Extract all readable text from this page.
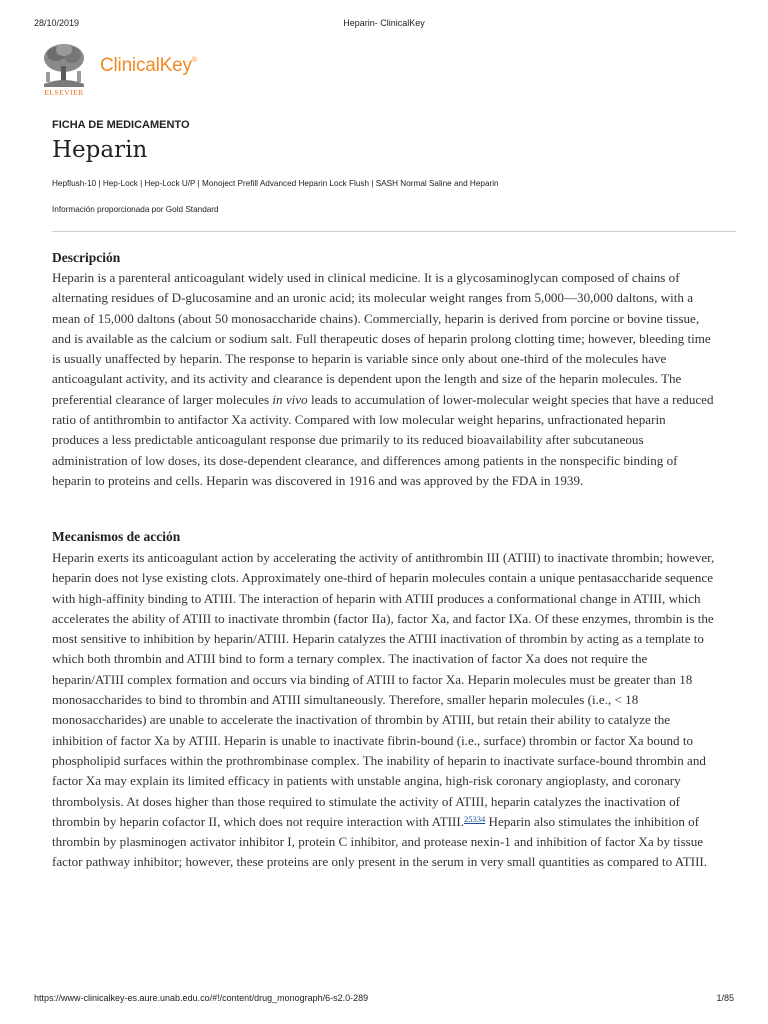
28/10/2019	Heparin- ClinicalKey
ELSEVIER
ClinicalKey®
FICHA DE MEDICAMENTO
Heparin
Hepflush-10 | Hep-Lock | Hep-Lock U/P | Monoject Prefill Advanced Heparin Lock Flush | SASH Normal Saline and Heparin
Información proporcionada por Gold Standard
Descripción

Heparin is a parenteral anticoagulant widely used in clinical medicine. It is a glycosaminoglycan composed of chains of alternating residues of D-glucosamine and an uronic acid; its molecular weight ranges from 5,000—30,000 daltons, with a mean of 15,000 daltons (about 50 monosaccharide chains). Commercially, heparin is derived from porcine or bovine tissue, and is available as the calcium or sodium salt. Full therapeutic doses of heparin prolong clotting time; however, bleeding time is usually unaffected by heparin. The response to heparin is variable since only about one-third of the molecules have anticoagulant activity, and its activity and clearance is dependent upon the length and size of the heparin molecules. The preferential clearance of larger molecules in vivo leads to accumulation of lower-molecular weight species that have a reduced ratio of antithrombin to antifactor Xa activity. Compared with low molecular weight heparins, unfractionated heparin produces a less predictable anticoagulant response due primarily to its reduced bioavailability after subcutaneous administration of low doses, its dose-dependent clearance, and differences among patients in the nonspecific binding of heparin to proteins and cells. Heparin was discovered in 1916 and was approved by the FDA in 1939.

Mecanismos de acción

Heparin exerts its anticoagulant action by accelerating the activity of antithrombin III (ATIII) to inactivate thrombin; however, heparin does not lyse existing clots. Approximately one-third of heparin molecules contain a unique pentasaccharide sequence with high-affinity binding to ATIII. The interaction of heparin with ATIII produces a conformational change in ATIII, which accelerates the ability of ATIII to inactivate thrombin (factor IIa), factor Xa, and factor IXa. Of these enzymes, thrombin is the most sensitive to inhibition by heparin/ATIII. Heparin catalyzes the ATIII inactivation of thrombin by acting as a template to which both thrombin and ATIII bind to form a ternary complex. The inactivation of factor Xa does not require the heparin/ATIII complex formation and occurs via binding of ATIII to factor Xa. Heparin molecules must be greater than 18 monosaccharides to bind to thrombin and ATIII simultaneously. Therefore, smaller heparin molecules (i.e., < 18 monosaccharides) are unable to accelerate the inactivation of thrombin by ATIII, but retain their ability to catalyze the inhibition of factor Xa by ATIII. Heparin is unable to inactivate fibrin-bound (i.e., surface) thrombin or factor Xa bound to phospholipid surfaces within the prothrombinase complex. The inability of heparin to inactivate surface-bound thrombin and factor Xa may explain its limited efficacy in patients with unstable angina, high-risk coronary angioplasty, and coronary thrombolysis. At doses higher than those required to stimulate the activity of ATIII, heparin catalyzes the inactivation of thrombin by heparin cofactor II, which does not require interaction with ATIII.$^{25334}$ Heparin also stimulates the inhibition of thrombin by plasminogen activator inhibitor I, protein C inhibitor, and protease nexin-1 and inhibition of factor Xa by tissue factor pathway inhibitor; however, these proteins are only present in the serum in very small quantities as compared to ATIII.

https://www-clinicalkey-es.aure.unab.edu.co/#!/content/drug_monograph/6-s2.0-289	1/85
